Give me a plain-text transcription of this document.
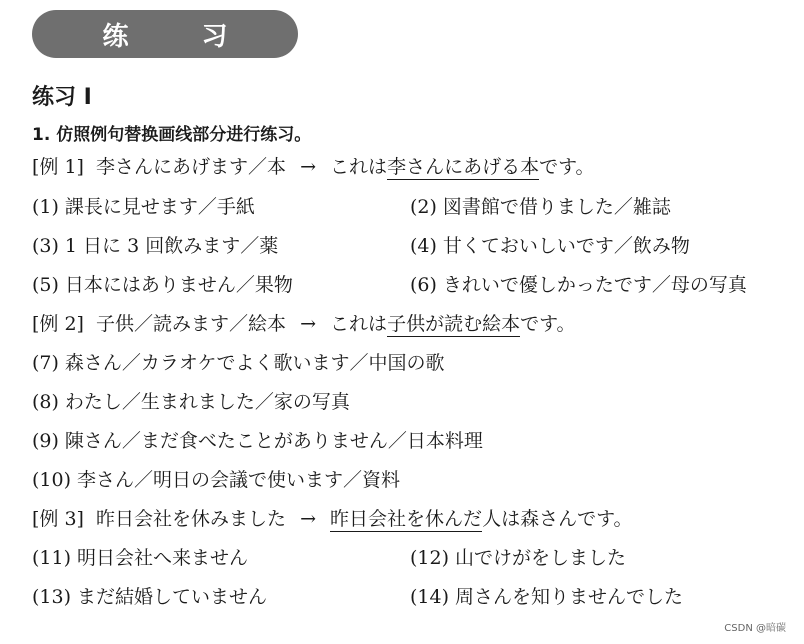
练 习
练习 I
1. 仿照例句替换画线部分进行练习。
[例 1] 李さんにあげます／本 → これは李さんにあげる本です。
(1) 課長に見せます／手紙	(2) 図書館で借りました／雑誌
(3) 1 日に 3 回飲みます／薬	(4) 甘くておいしいです／飲み物
(5) 日本にはありません／果物	(6) きれいで優しかったです／母の写真
[例 2] 子供／読みます／絵本 → これは子供が読む絵本です。
(7) 森さん／カラオケでよく歌います／中国の歌
(8) わたし／生まれました／家の写真
(9) 陳さん／まだ食べたことがありません／日本料理
(10) 李さん／明日の会議で使います／資料
[例 3] 昨日会社を休みました → 昨日会社を休んだ人は森さんです。
(11) 明日会社へ来ません	(12) 山でけがをしました
(13) まだ結婚していません	(14) 周さんを知りませんでした
CSDN @暗碳
